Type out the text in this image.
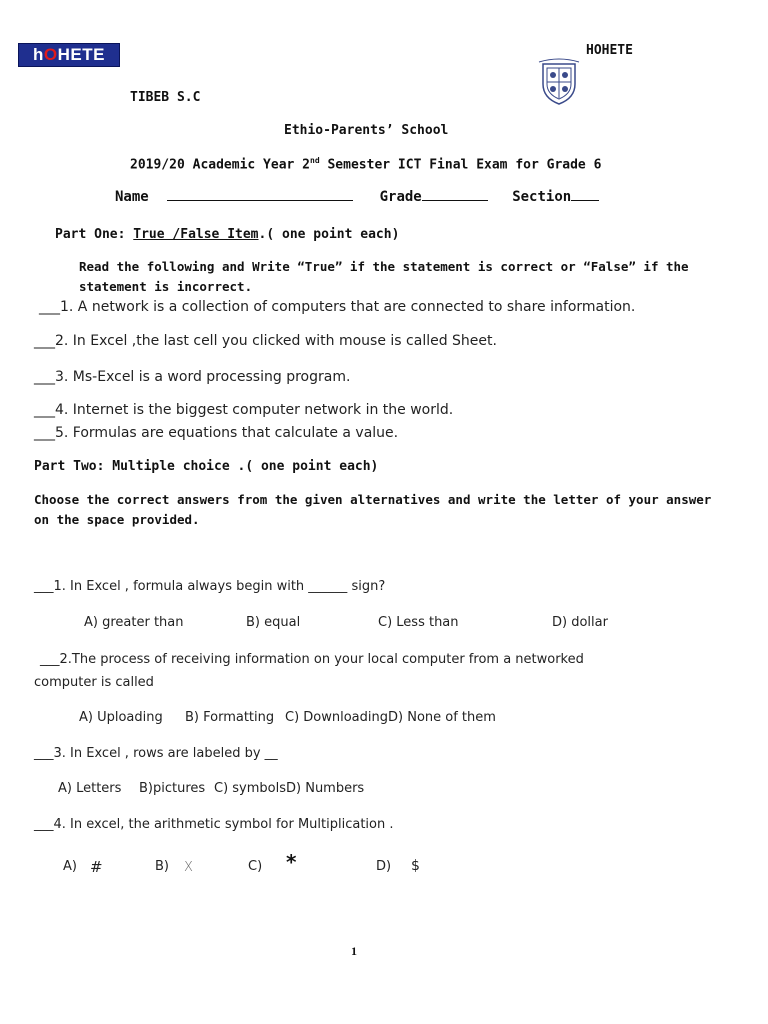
h O HETE	HOHETE
TIBEB S.C
Ethio-Parents’ School
2019/20 Academic Year 2nd Semester ICT Final Exam for Grade 6
Name	Grade	Section
Part One: True /False Item.( one point each)
Read the following and Write “True” if the statement is correct or “False” if the
statement is incorrect.
___1. A network is a collection of computers that are connected to share information.
___2. In Excel ,the last cell you clicked with mouse is called Sheet.
___3. Ms-Excel is a word processing program.
___4. Internet is the biggest computer network in the world.
___5. Formulas are equations that calculate a value.
Part Two: Multiple choice .( one point each)
Choose the correct answers from the given alternatives and write the letter of your answer
on the space provided.
___1. In Excel , formula always begin with ______ sign?
A) greater than	B) equal	C) Less than	D) dollar
___2.The process of receiving information on your local computer from a networked
computer is called
A) Uploading B) Formatting C) Downloading D) None of them
___3. In Excel , rows are labeled by __
A) Letters B)pictures C) symbols D) Numbers
___4. In excel, the arithmetic symbol for Multiplication .
A) #	B) X	C) *	D) $
1
